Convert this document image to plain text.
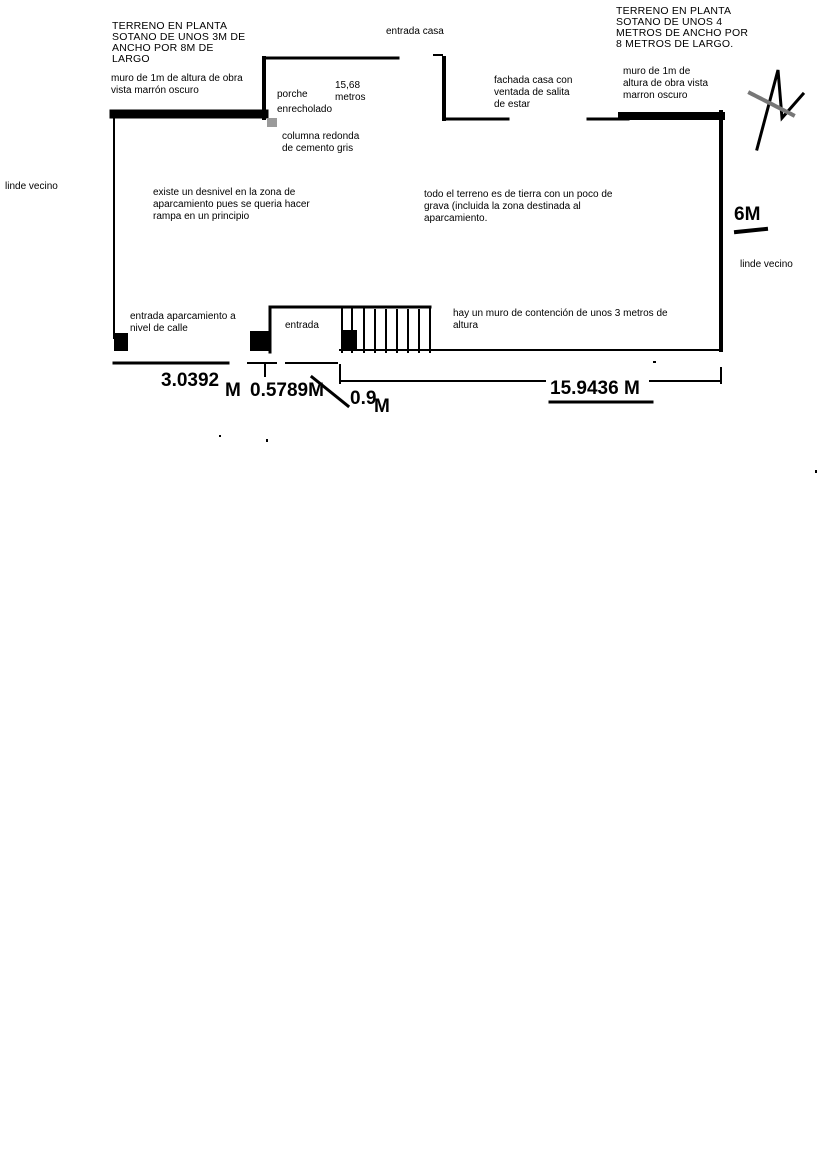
TERRENO EN PLANTA
SOTANO DE UNOS 3M DE
ANCHO POR 8M DE
LARGO
muro de 1m de altura de obra
vista marrón oscuro
entrada casa
porche
enrecholado
15,68
metros
fachada casa con
ventada de salita
de estar
TERRENO EN PLANTA
SOTANO DE UNOS 4
METROS DE ANCHO POR
8 METROS DE LARGO.
muro de 1m de
altura de obra vista
marron oscuro
columna redonda
de cemento gris
linde vecino
existe un desnivel en la zona de
aparcamiento pues se queria hacer
rampa en un principio
todo el terreno es de tierra con un poco de
grava (incluida la zona destinada al
aparcamiento.
linde vecino
entrada aparcamiento a
nivel de calle	entrada
hay un muro de contención de unos 3 metros de
altura
6M
3.0392 M 0.5789M 0.9
M
15.9436 M
